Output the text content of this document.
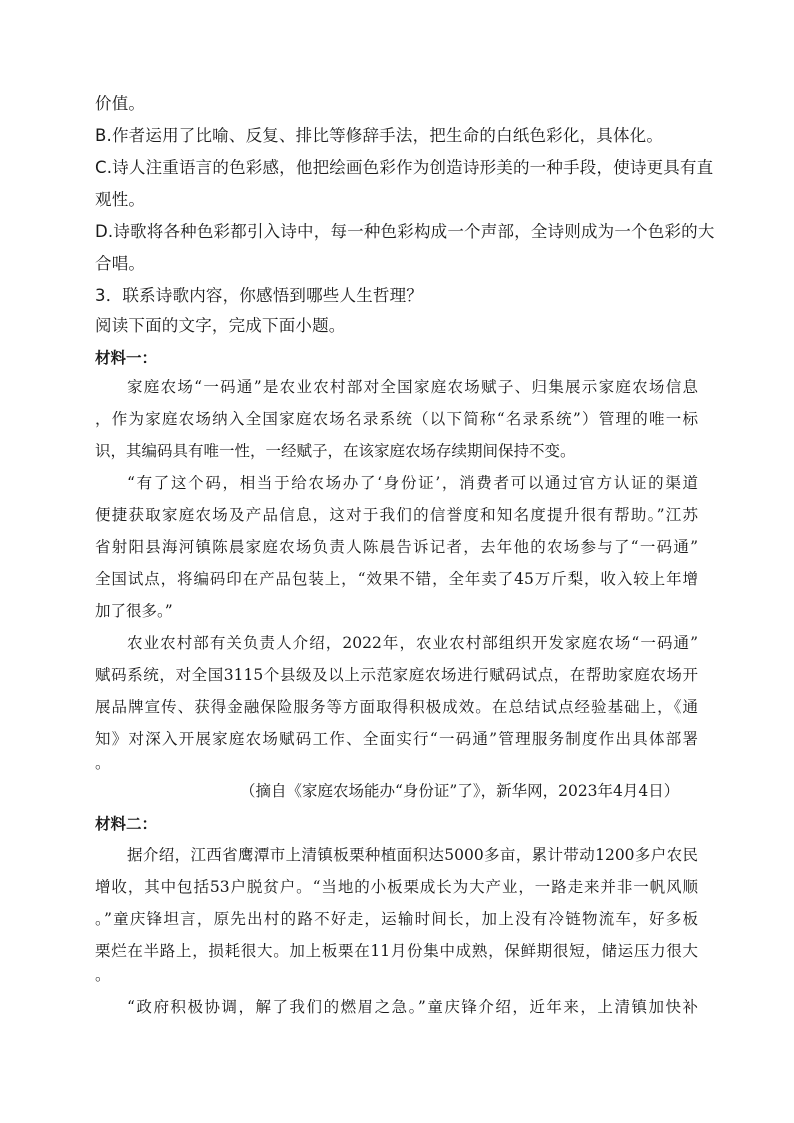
价值。
B.作者运用了比喻、反复、排比等修辞手法，把生命的白纸色彩化，具体化。
C.诗人注重语言的色彩感，他把绘画色彩作为创造诗形美的一种手段，使诗更具有直
观性。
D.诗歌将各种色彩都引入诗中，每一种色彩构成一个声部，全诗则成为一个色彩的大
合唱。
3．联系诗歌内容，你感悟到哪些人生哲理？
阅读下面的文字，完成下面小题。
材料一：
家庭农场“一码通”是农业农村部对全国家庭农场赋子、归集展示家庭农场信息
，作为家庭农场纳入全国家庭农场名录系统（以下简称“名录系统”）管理的唯一标
识，其编码具有唯一性，一经赋子，在该家庭农场存续期间保持不变。
“有了这个码，相当于给农场办了‘身份证’，消费者可以通过官方认证的渠道
便捷获取家庭农场及产品信息，这对于我们的信誉度和知名度提升很有帮助。”江苏
省射阳县海河镇陈晨家庭农场负责人陈晨告诉记者，去年他的农场参与了“一码通”
全国试点，将编码印在产品包装上，“效果不错，全年卖了45万斤梨，收入较上年增
加了很多。”
农业农村部有关负责人介绍，2022年，农业农村部组织开发家庭农场“一码通”
赋码系统，对全国3115个县级及以上示范家庭农场进行赋码试点，在帮助家庭农场开
展品牌宣传、获得金融保险服务等方面取得积极成效。在总结试点经验基础上，《通
知》对深入开展家庭农场赋码工作、全面实行“一码通”管理服务制度作出具体部署
。
（摘自《家庭农场能办“身份证”了》，新华网，2023年4月4日）
材料二：
据介绍，江西省鹰潭市上清镇板栗种植面积达5000多亩，累计带动1200多户农民
增收，其中包括53户脱贫户。“当地的小板栗成长为大产业，一路走来并非一帆风顺
。”童庆锋坦言，原先出村的路不好走，运输时间长，加上没有冷链物流车，好多板
栗烂在半路上，损耗很大。加上板栗在11月份集中成熟，保鲜期很短，储运压力很大
。
“政府积极协调，解了我们的燃眉之急。”童庆锋介绍，近年来，上清镇加快补
